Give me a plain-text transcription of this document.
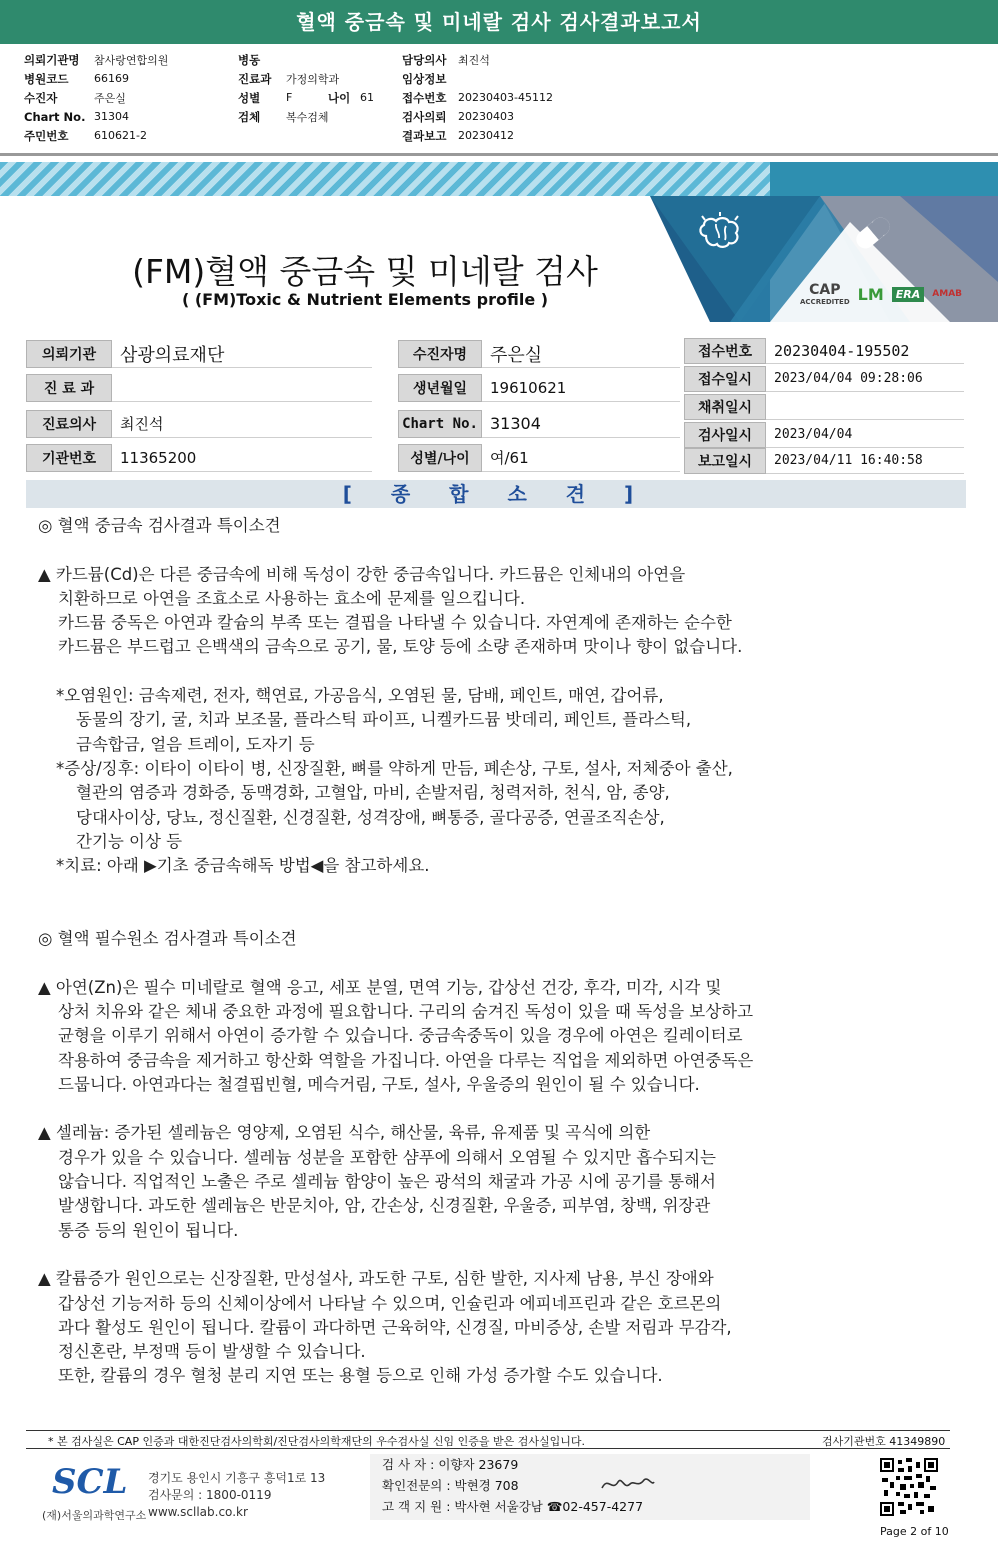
혈액 중금속 및 미네랄 검사 검사결과보고서
의뢰기관명	참사랑연합의원
병원코드	66169
수진자	주은실
Chart No. 31304
주민번호	610621-2
병동
진료과	가정의학과
성별	F	나이 61
검체	복수검체
담당의사	최진석
임상정보
접수번호	20230403-45112
검사의뢰	20230403
결과보고	20230412
(FM)혈액 중금속 및 미네랄 검사
( (FM)Toxic & Nutrient Elements profile )	CAP
ACCREDITED LM	ERA	AMAB
의뢰기관	삼광의료재단
진 료 과
진료의사	최진석
기관번호	11365200
수진자명	주은실
생년월일	19610621
Chart No. 31304
성별/나이	여/61
접수번호	20230404-195502
접수일시	2023/04/04 09:28:06
채취일시
검사일시	2023/04/04
보고일시	2023/04/11 16:40:58
[ 종 합 소 견 ]

◎ 혈액 중금속 검사결과 특이소견

▲ 카드뮴(Cd)은 다른 중금속에 비해 독성이 강한 중금속입니다. 카드뮴은 인체내의 아연을

치환하므로 아연을 조효소로 사용하는 효소에 문제를 일으킵니다.

카드뮴 중독은 아연과 칼슘의 부족 또는 결핍을 나타낼 수 있습니다. 자연계에 존재하는 순수한

카드뮴은 부드럽고 은백색의 금속으로 공기, 물, 토양 등에 소량 존재하며 맛이나 향이 없습니다.

*오염원인: 금속제련, 전자, 핵연료, 가공음식, 오염된 물, 담배, 페인트, 매연, 갑어류,

동물의 장기, 굴, 치과 보조물, 플라스틱 파이프, 니켈카드뮴 밧데리, 페인트, 플라스틱,

금속합금, 얼음 트레이, 도자기 등

*증상/징후: 이타이 이타이 병, 신장질환, 뼈를 약하게 만듬, 폐손상, 구토, 설사, 저체중아 출산,

혈관의 염증과 경화증, 동맥경화, 고혈압, 마비, 손발저림, 청력저하, 천식, 암, 종양,

당대사이상, 당뇨, 정신질환, 신경질환, 성격장애, 뼈통증, 골다공증, 연골조직손상,

간기능 이상 등

*치료: 아래 ▶기초 중금속해독 방법◀을 참고하세요.

◎ 혈액 필수원소 검사결과 특이소견

▲ 아연(Zn)은 필수 미네랄로 혈액 응고, 세포 분열, 면역 기능, 갑상선 건강, 후각, 미각, 시각 및

상처 치유와 같은 체내 중요한 과정에 필요합니다. 구리의 숨겨진 독성이 있을 때 독성을 보상하고

균형을 이루기 위해서 아연이 증가할 수 있습니다. 중금속중독이 있을 경우에 아연은 킬레이터로

작용하여 중금속을 제거하고 항산화 역할을 가집니다. 아연을 다루는 직업을 제외하면 아연중독은

드뭅니다. 아연과다는 철결핍빈혈, 메슥거림, 구토, 설사, 우울증의 원인이 될 수 있습니다.

▲ 셀레늄: 증가된 셀레늄은 영양제, 오염된 식수, 해산물, 육류, 유제품 및 곡식에 의한

경우가 있을 수 있습니다. 셀레늄 성분을 포함한 샴푸에 의해서 오염될 수 있지만 흡수되지는

않습니다. 직업적인 노출은 주로 셀레늄 함양이 높은 광석의 채굴과 가공 시에 공기를 통해서

발생합니다. 과도한 셀레늄은 반문치아, 암, 간손상, 신경질환, 우울증, 피부염, 창백, 위장관

통증 등의 원인이 됩니다.

▲ 칼륨증가 원인으로는 신장질환, 만성설사, 과도한 구토, 심한 발한, 지사제 남용, 부신 장애와

갑상선 기능저하 등의 신체이상에서 나타날 수 있으며, 인슐린과 에피네프린과 같은 호르몬의

과다 활성도 원인이 됩니다. 칼륨이 과다하면 근육허약, 신경질, 마비증상, 손발 저림과 무감각,

정신혼란, 부정맥 등이 발생할 수 있습니다.

또한, 칼륨의 경우 혈청 분리 지연 또는 용혈 등으로 인해 가성 증가할 수도 있습니다.

* 본 검사실은 CAP 인증과 대한진단검사의학회/진단검사의학재단의 우수검사실 신임 인증을 받은 검사실입니다.	검사기관번호 41349890
SCL
(재)서울의과학연구소
경기도 용인시 기흥구 흥덕1로 13
검사문의 : 1800-0119
www.scllab.co.kr
검 사 자 : 이향자 23679
확인전문의 : 박현경 708
고 객 지 원 : 박사현 서울강남 ☎02-457-4277
Page 2 of 10
